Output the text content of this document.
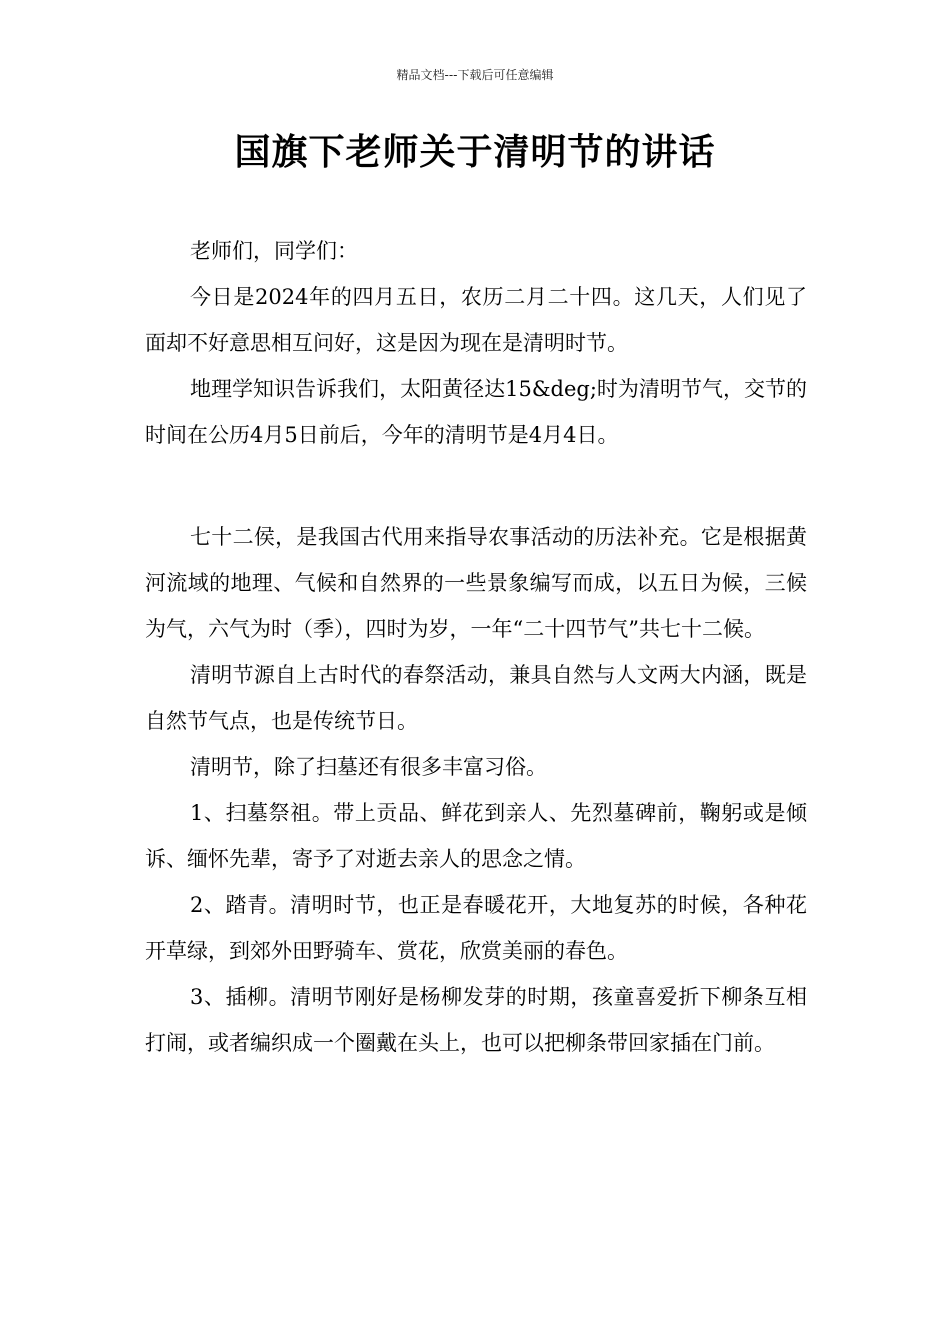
精品文档---下载后可任意编辑
国旗下老师关于清明节的讲话

老师们，同学们：

今日是2024年的四月五日，农历二月二十四。这几天，人们见了面却不好意思相互问好，这是因为现在是清明时节。

地理学知识告诉我们，太阳黄径达15&deg;时为清明节气，交节的时间在公历4月5日前后，今年的清明节是4月4日。

七十二侯，是我国古代用来指导农事活动的历法补充。它是根据黄河流域的地理、气候和自然界的一些景象编写而成，以五日为候，三候为气，六气为时（季），四时为岁，一年“二十四节气”共七十二候。

清明节源自上古时代的春祭活动，兼具自然与人文两大内涵，既是自然节气点，也是传统节日。

清明节，除了扫墓还有很多丰富习俗。

1、扫墓祭祖。带上贡品、鲜花到亲人、先烈墓碑前，鞠躬或是倾诉、缅怀先辈，寄予了对逝去亲人的思念之情。

2、踏青。清明时节，也正是春暖花开，大地复苏的时候，各种花开草绿，到郊外田野骑车、赏花，欣赏美丽的春色。

3、插柳。清明节刚好是杨柳发芽的时期，孩童喜爱折下柳条互相打闹，或者编织成一个圈戴在头上，也可以把柳条带回家插在门前。
